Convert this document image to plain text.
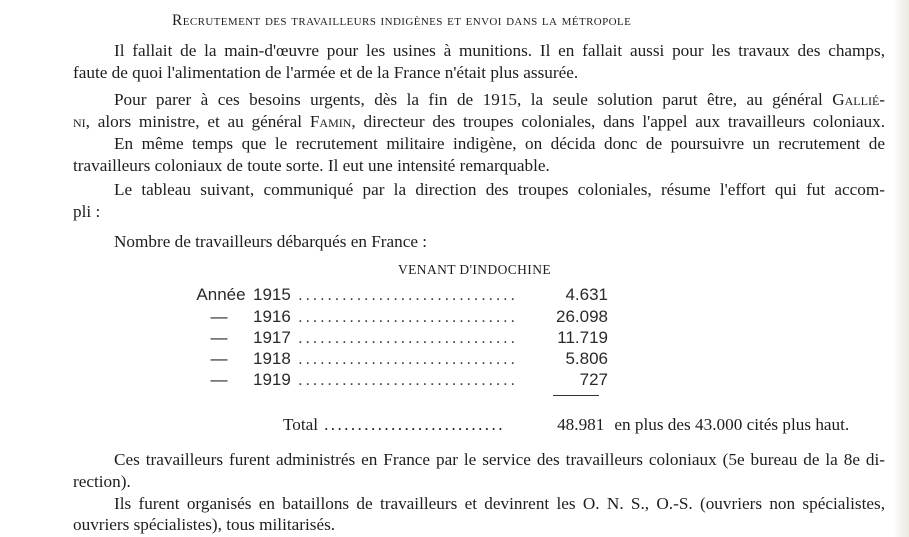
Recrutement des travailleurs indigènes et envoi dans la métropole
Il fallait de la main-d'œuvre pour les usines à munitions. Il en fallait aussi pour les travaux des champs,
faute de quoi l'alimentation de l'armée et de la France n'était plus assurée.
Pour parer à ces besoins urgents, dès la fin de 1915, la seule solution parut être, au général Gallié-
ni, alors ministre, et au général Famin, directeur des troupes coloniales, dans l'appel aux travailleurs coloniaux.
En même temps que le recrutement militaire indigène, on décida donc de poursuivre un recrutement de
travailleurs coloniaux de toute sorte. Il eut une intensité remarquable.
Le tableau suivant, communiqué par la direction des troupes coloniales, résume l'effort qui fut accom-
pli :
Nombre de travailleurs débarqués en France :
VENANT D'INDOCHINE
Année 1915 ..............................	4.631
—	1916 ..............................	26.098
—	1917 ..............................	11.719
—	1918 ..............................	5.806
—	1919 ..............................	727
Total ...........................	48.981 en plus des 43.000 cités plus haut.
Ces travailleurs furent administrés en France par le service des travailleurs coloniaux (5e bureau de la 8e di-
rection).
Ils furent organisés en bataillons de travailleurs et devinrent les O. N. S., O.-S. (ouvriers non spécialistes,
ouvriers spécialistes), tous militarisés.
